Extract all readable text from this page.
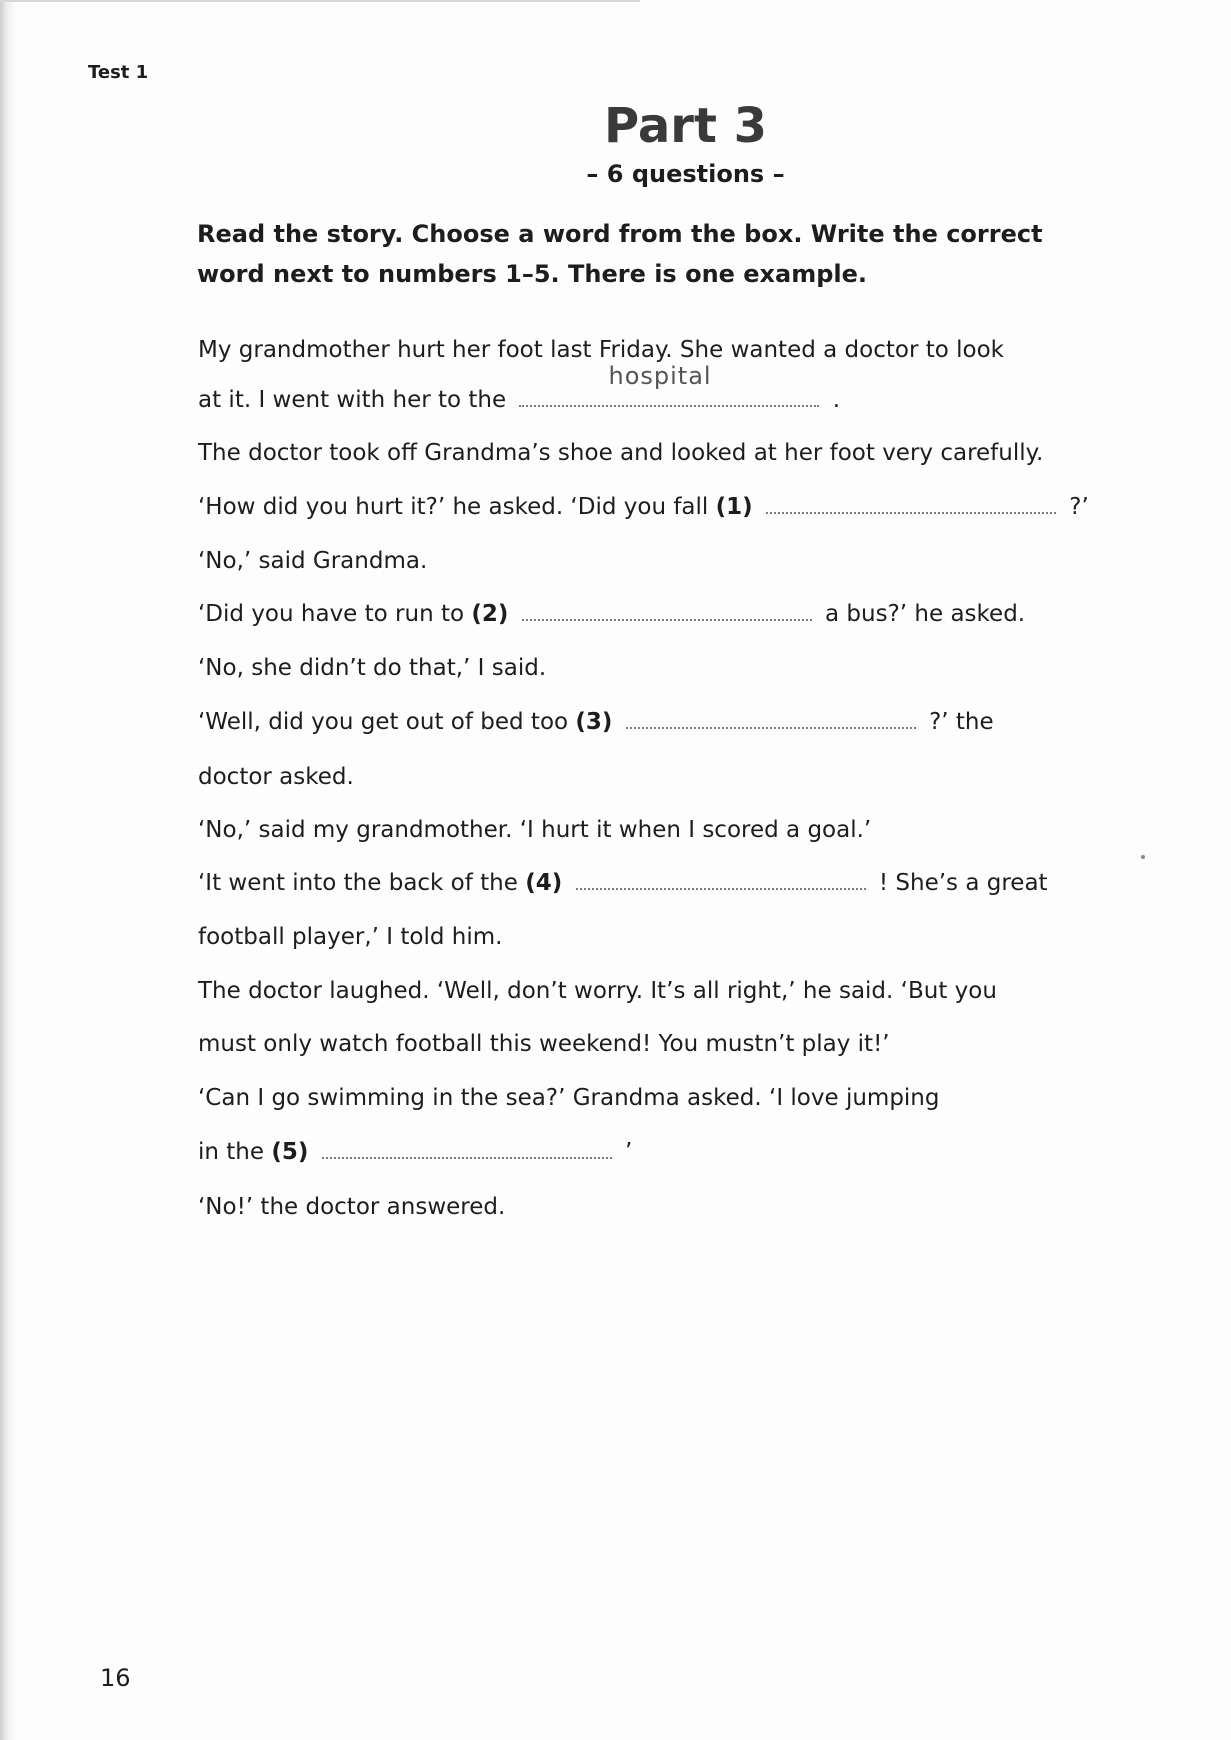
Test 1
Part 3
– 6 questions –
Read the story. Choose a word from the box. Write the correct word next to numbers 1–5. There is one example.
My grandmother hurt her foot last Friday. She wanted a doctor to look
at it. I went with her to the
hospital
.
The doctor took off Grandma’s shoe and looked at her foot very carefully.
‘How did you hurt it?’ he asked. ‘Did you fall (1)	?’
‘No,’ said Grandma.
‘Did you have to run to (2)	a bus?’ he asked.
‘No, she didn’t do that,’ I said.
‘Well, did you get out of bed too (3)	?’ the
doctor asked.
‘No,’ said my grandmother. ‘I hurt it when I scored a goal.’
‘It went into the back of the (4)	! She’s a great
football player,’ I told him.
The doctor laughed. ‘Well, don’t worry. It’s all right,’ he said. ‘But you
must only watch football this weekend! You mustn’t play it!’
‘Can I go swimming in the sea?’ Grandma asked. ‘I love jumping
in the (5)	’
‘No!’ the doctor answered.
16
